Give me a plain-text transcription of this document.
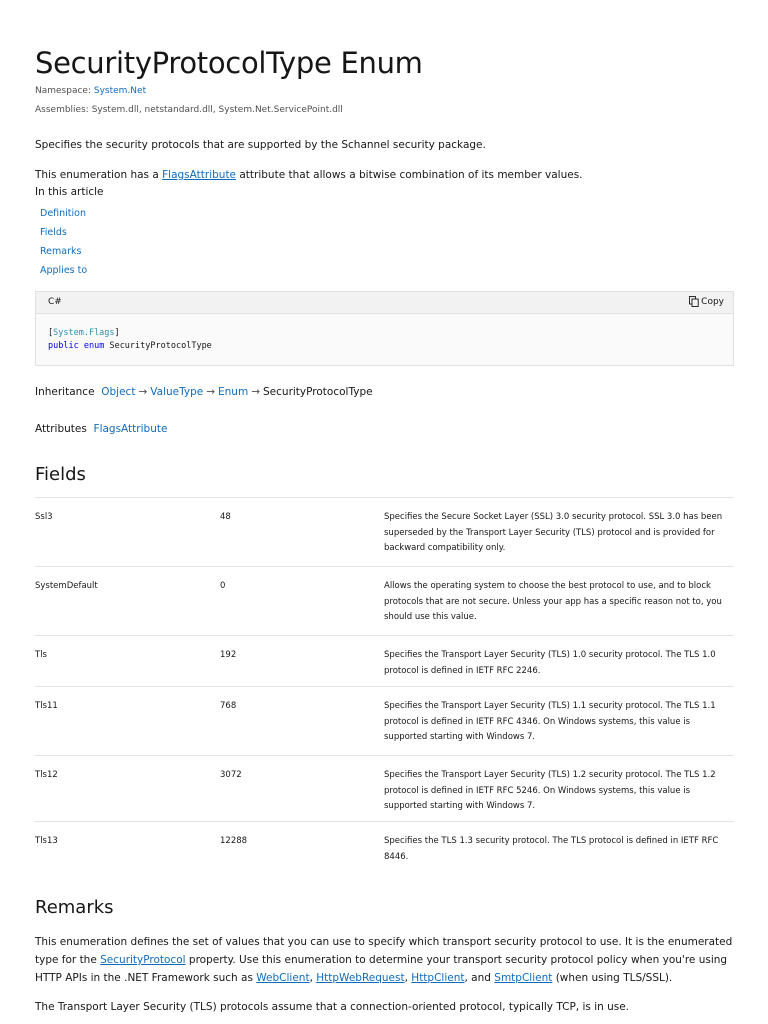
SecurityProtocolType Enum
Namespace: System.Net
Assemblies: System.dll, netstandard.dll, System.Net.ServicePoint.dll
Specifies the security protocols that are supported by the Schannel security package.
This enumeration has a FlagsAttribute attribute that allows a bitwise combination of its member values.
In this article
Definition
Fields
Remarks
Applies to
C#	Copy
[System.Flags]
public enum SecurityProtocolType
Inheritance Object → ValueType → Enum → SecurityProtocolType
Attributes FlagsAttribute
Fields
Ssl3	48	Specifies the Secure Socket Layer (SSL) 3.0 security protocol. SSL 3.0 has been superseded by the Transport Layer Security (TLS) protocol and is provided for backward compatibility only.
SystemDefault	0	Allows the operating system to choose the best protocol to use, and to block protocols that are not secure. Unless your app has a specific reason not to, you should use this value.
Tls	192	Specifies the Transport Layer Security (TLS) 1.0 security protocol. The TLS 1.0 protocol is defined in IETF RFC 2246.
Tls11	768	Specifies the Transport Layer Security (TLS) 1.1 security protocol. The TLS 1.1 protocol is defined in IETF RFC 4346. On Windows systems, this value is supported starting with Windows 7.
Tls12	3072	Specifies the Transport Layer Security (TLS) 1.2 security protocol. The TLS 1.2 protocol is defined in IETF RFC 5246. On Windows systems, this value is supported starting with Windows 7.
Tls13	12288	Specifies the TLS 1.3 security protocol. The TLS protocol is defined in IETF RFC 8446.
Remarks
This enumeration defines the set of values that you can use to specify which transport security protocol to use. It is the enumerated type for the SecurityProtocol property. Use this enumeration to determine your transport security protocol policy when you're using HTTP APIs in the .NET Framework such as WebClient, HttpWebRequest, HttpClient, and SmtpClient (when using TLS/SSL).
The Transport Layer Security (TLS) protocols assume that a connection-oriented protocol, typically TCP, is in use.
